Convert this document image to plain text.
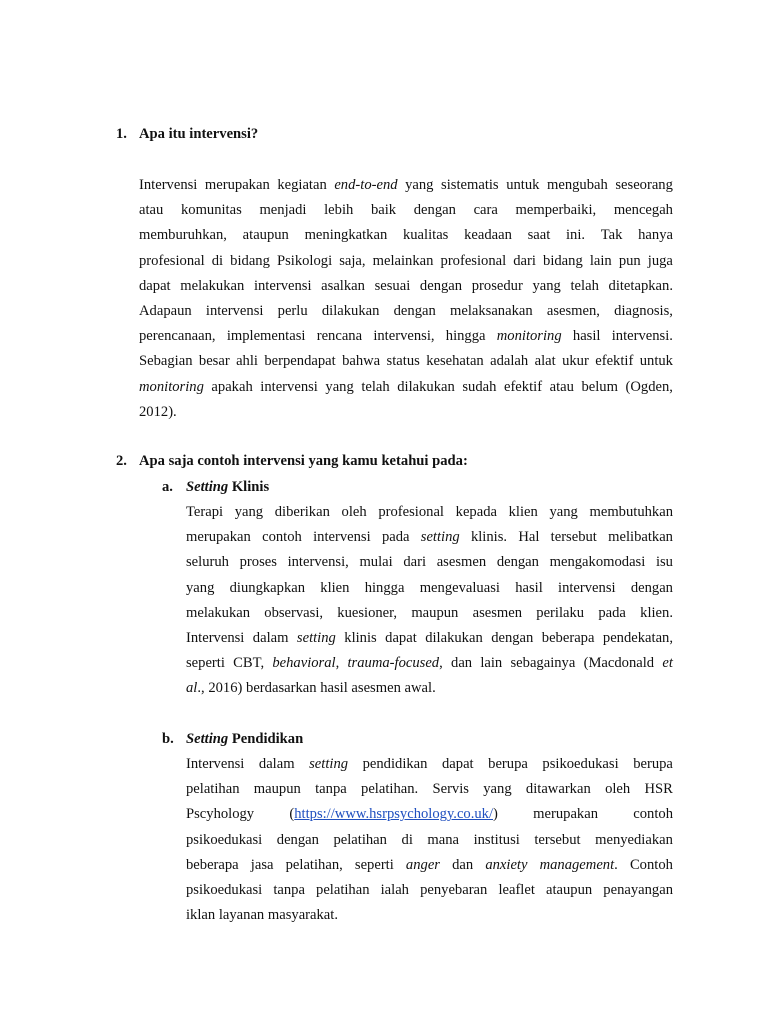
1. Apa itu intervensi?
Intervensi merupakan kegiatan end-to-end yang sistematis untuk mengubah seseorang
atau komunitas menjadi lebih baik dengan cara memperbaiki, mencegah
memburuhkan, ataupun meningkatkan kualitas keadaan saat ini. Tak hanya
profesional di bidang Psikologi saja, melainkan profesional dari bidang lain pun juga
dapat melakukan intervensi asalkan sesuai dengan prosedur yang telah ditetapkan.
Adapaun intervensi perlu dilakukan dengan melaksanakan asesmen, diagnosis,
perencanaan, implementasi rencana intervensi, hingga monitoring hasil intervensi.
Sebagian besar ahli berpendapat bahwa status kesehatan adalah alat ukur efektif untuk
monitoring apakah intervensi yang telah dilakukan sudah efektif atau belum (Ogden,
2012).
2. Apa saja contoh intervensi yang kamu ketahui pada:
a. Setting Klinis
Terapi yang diberikan oleh profesional kepada klien yang membutuhkan
merupakan contoh intervensi pada setting klinis. Hal tersebut melibatkan
seluruh proses intervensi, mulai dari asesmen dengan mengakomodasi isu
yang diungkapkan klien hingga mengevaluasi hasil intervensi dengan
melakukan observasi, kuesioner, maupun asesmen perilaku pada klien.
Intervensi dalam setting klinis dapat dilakukan dengan beberapa pendekatan,
seperti CBT, behavioral, trauma-focused, dan lain sebagainya (Macdonald et
al., 2016) berdasarkan hasil asesmen awal.
b. Setting Pendidikan
Intervensi dalam setting pendidikan dapat berupa psikoedukasi berupa
pelatihan maupun tanpa pelatihan. Servis yang ditawarkan oleh HSR
Pscyhology (https://www.hsrpsychology.co.uk/) merupakan contoh
psikoedukasi dengan pelatihan di mana institusi tersebut menyediakan
beberapa jasa pelatihan, seperti anger dan anxiety management. Contoh
psikoedukasi tanpa pelatihan ialah penyebaran leaflet ataupun penayangan
iklan layanan masyarakat.
